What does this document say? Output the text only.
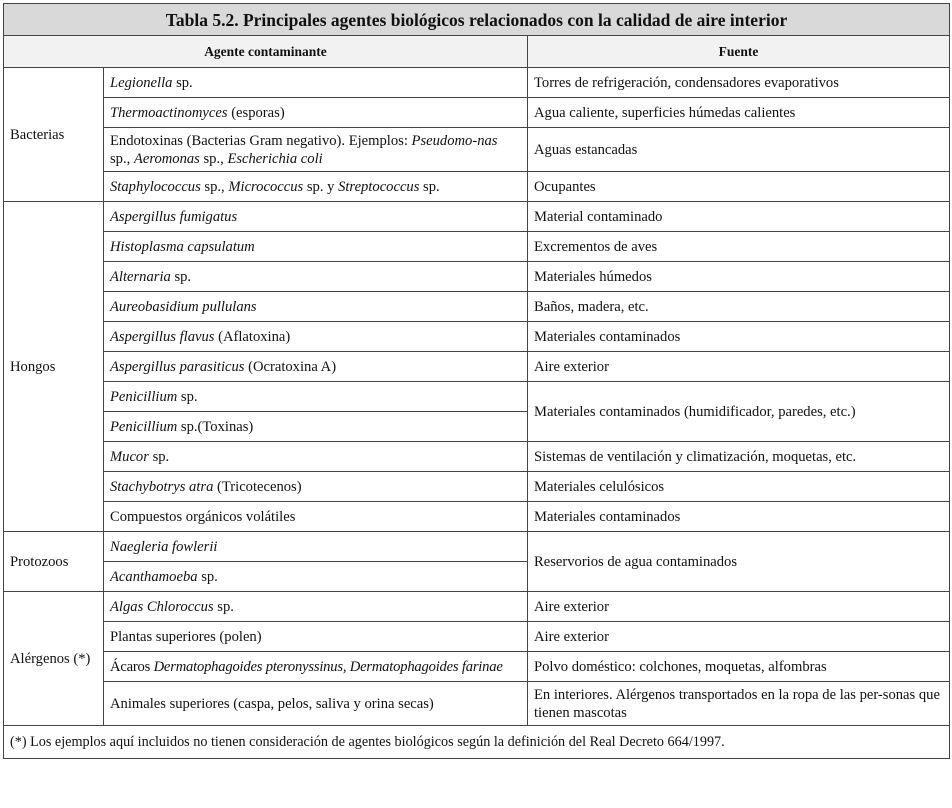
Tabla 5.2. Principales agentes biológicos relacionados con la calidad de aire interior		
Agente contaminante		Fuente
Bacterias	Legionella sp.	Torres de refrigeración, condensadores evaporativos
	Thermoactinomyces (esporas)	Agua caliente, superficies húmedas calientes
	Endotoxinas (Bacterias Gram negativo). Ejemplos: Pseudomo-nas sp., Aeromonas sp., Escherichia coli	Aguas estancadas
	Staphylococcus sp., Micrococcus sp. y Streptococcus sp.	Ocupantes
Hongos	Aspergillus fumigatus	Material contaminado
	Histoplasma capsulatum	Excrementos de aves
	Alternaria sp.	Materiales húmedos
	Aureobasidium pullulans	Baños, madera, etc.
	Aspergillus flavus (Aflatoxina)	Materiales contaminados
	Aspergillus parasiticus (Ocratoxina A)	Aire exterior
	Penicillium sp.	Materiales contaminados (humidificador, paredes, etc.)
	Penicillium sp.(Toxinas)	
	Mucor sp.	Sistemas de ventilación y climatización, moquetas, etc.
	Stachybotrys atra (Tricotecenos)	Materiales celulósicos
	Compuestos orgánicos volátiles	Materiales contaminados
Protozoos	Naegleria fowlerii	Reservorios de agua contaminados
	Acanthamoeba sp.	
Alérgenos (*)	Algas Chloroccus sp.	Aire exterior
	Plantas superiores (polen)	Aire exterior
	Ácaros Dermatophagoides pteronyssinus, Dermatophagoides farinae	Polvo doméstico: colchones, moquetas, alfombras
	Animales superiores (caspa, pelos, saliva y orina secas)	En interiores. Alérgenos transportados en la ropa de las per-sonas que tienen mascotas
(*) Los ejemplos aquí incluidos no tienen consideración de agentes biológicos según la definición del Real Decreto 664/1997.		
